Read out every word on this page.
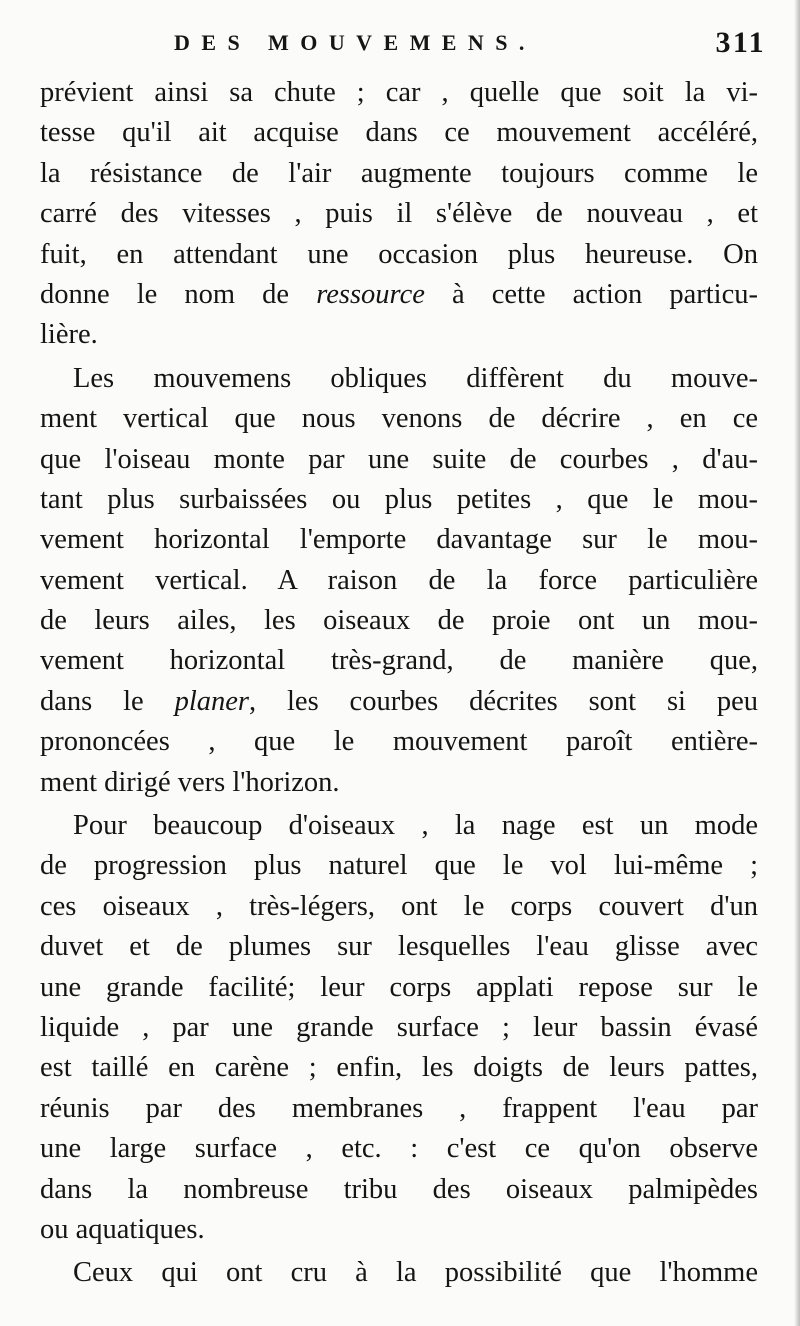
DES MOUVEMENS.	311
prévient ainsi sa chute ; car , quelle que soit la vi-
tesse qu'il ait acquise dans ce mouvement accéléré,
la résistance de l'air augmente toujours comme le
carré des vitesses , puis il s'élève de nouveau , et
fuit, en attendant une occasion plus heureuse. On
donne le nom de ressource à cette action particu-
lière.
Les mouvemens obliques diffèrent du mouve-
ment vertical que nous venons de décrire , en ce
que l'oiseau monte par une suite de courbes , d'au-
tant plus surbaissées ou plus petites , que le mou-
vement horizontal l'emporte davantage sur le mou-
vement vertical. A raison de la force particulière
de leurs ailes, les oiseaux de proie ont un mou-
vement horizontal très-grand, de manière que,
dans le planer, les courbes décrites sont si peu
prononcées , que le mouvement paroît entière-
ment dirigé vers l'horizon.
Pour beaucoup d'oiseaux , la nage est un mode
de progression plus naturel que le vol lui-même ;
ces oiseaux , très-légers, ont le corps couvert d'un
duvet et de plumes sur lesquelles l'eau glisse avec
une grande facilité; leur corps applati repose sur le
liquide , par une grande surface ; leur bassin évasé
est taillé en carène ; enfin, les doigts de leurs pattes,
réunis par des membranes , frappent l'eau par
une large surface , etc. : c'est ce qu'on observe
dans la nombreuse tribu des oiseaux palmipèdes
ou aquatiques.
Ceux qui ont cru à la possibilité que l'homme
